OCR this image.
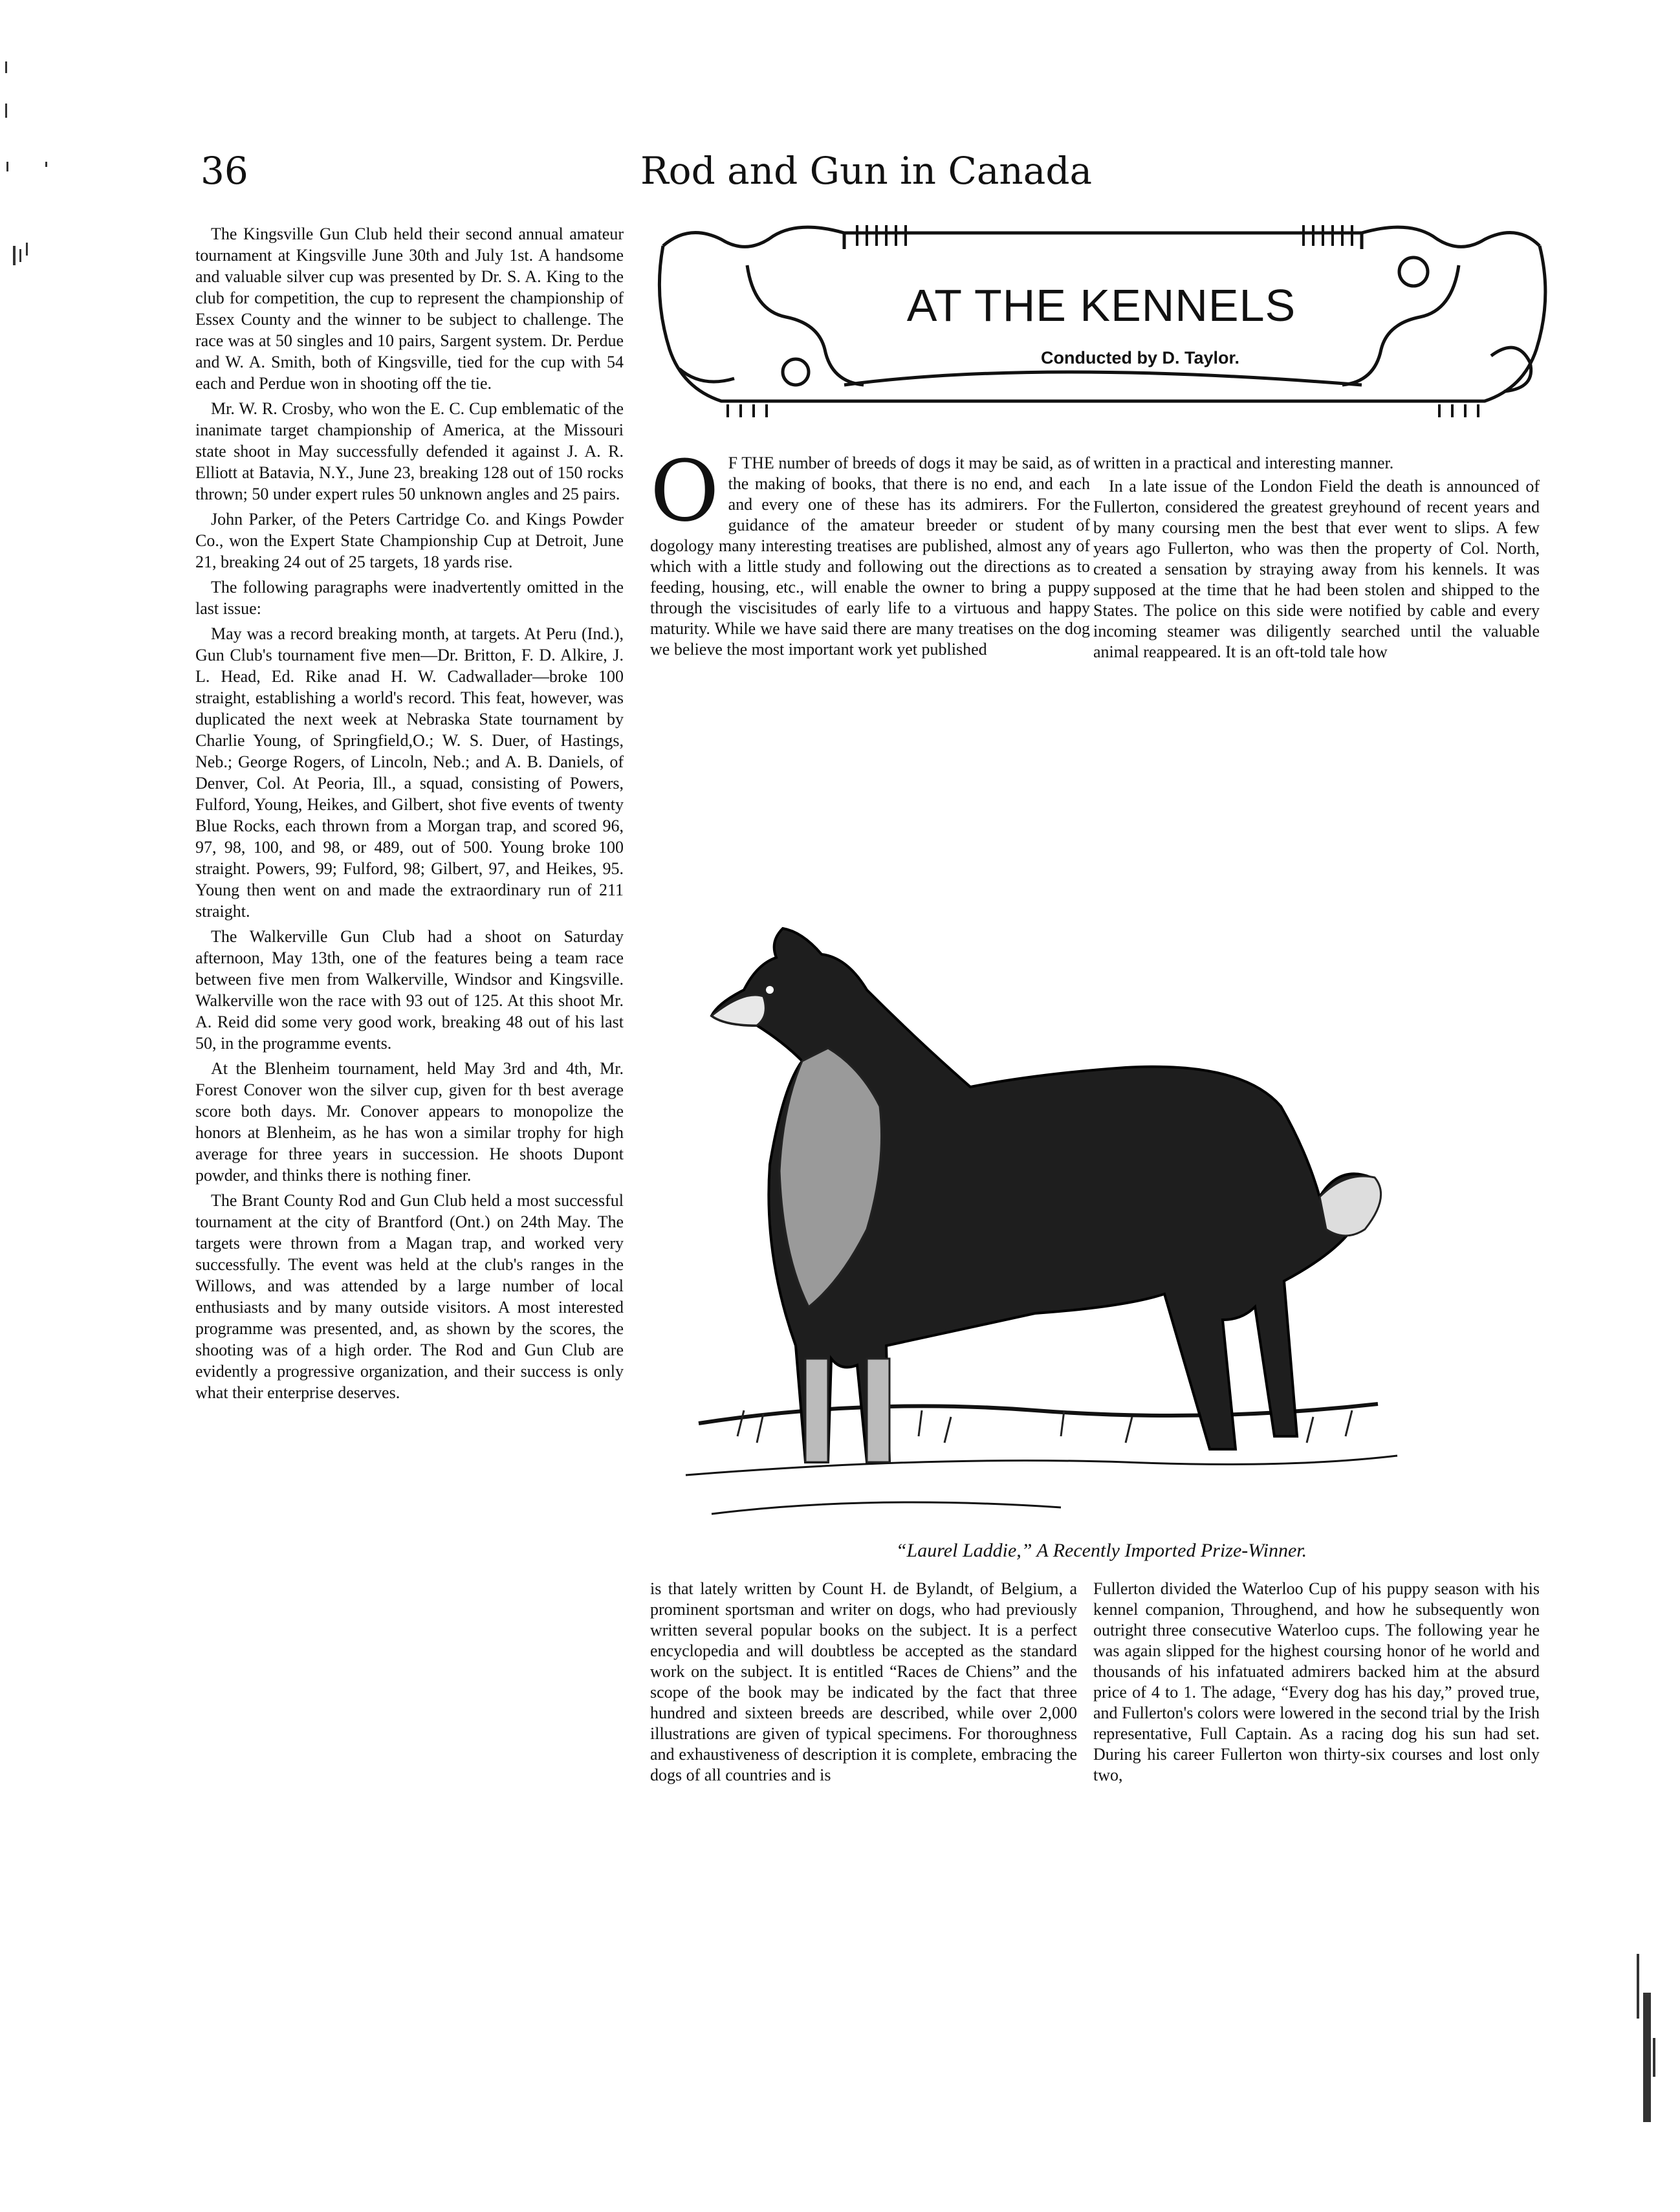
36	Rod and Gun in Canada

The Kingsville Gun Club held their second annual amateur tournament at Kingsville June 30th and July 1st. A handsome and valuable silver cup was presented by Dr. S. A. King to the club for competition, the cup to represent the championship of Essex County and the winner to be subject to challenge. The race was at 50 singles and 10 pairs, Sargent system. Dr. Perdue and W. A. Smith, both of Kingsville, tied for the cup with 54 each and Perdue won in shooting off the tie.

Mr. W. R. Crosby, who won the E. C. Cup emblematic of the inanimate target championship of America, at the Missouri state shoot in May successfully defended it against J. A. R. Elliott at Batavia, N.Y., June 23, breaking 128 out of 150 rocks thrown; 50 under expert rules 50 unknown angles and 25 pairs.

John Parker, of the Peters Cartridge Co. and Kings Powder Co., won the Expert State Championship Cup at Detroit, June 21, breaking 24 out of 25 targets, 18 yards rise.

The following paragraphs were inadvertently omitted in the last issue:

May was a record breaking month, at targets. At Peru (Ind.), Gun Club's tournament five men—Dr. Britton, F. D. Alkire, J. L. Head, Ed. Rike anad H. W. Cadwallader—broke 100 straight, establishing a world's record. This feat, however, was duplicated the next week at Nebraska State tournament by Charlie Young, of Springfield,O.; W. S. Duer, of Hastings, Neb.; George Rogers, of Lincoln, Neb.; and A. B. Daniels, of Denver, Col. At Peoria, Ill., a squad, consisting of Powers, Fulford, Young, Heikes, and Gilbert, shot five events of twenty Blue Rocks, each thrown from a Morgan trap, and scored 96, 97, 98, 100, and 98, or 489, out of 500. Young broke 100 straight. Powers, 99; Fulford, 98; Gilbert, 97, and Heikes, 95. Young then went on and made the extraordinary run of 211 straight.

The Walkerville Gun Club had a shoot on Saturday afternoon, May 13th, one of the features being a team race between five men from Walkerville, Windsor and Kingsville. Walkerville won the race with 93 out of 125. At this shoot Mr. A. Reid did some very good work, breaking 48 out of his last 50, in the programme events.

At the Blenheim tournament, held May 3rd and 4th, Mr. Forest Conover won the silver cup, given for th best average score both days. Mr. Conover appears to monopolize the honors at Blenheim, as he has won a similar trophy for high average for three years in succession. He shoots Dupont powder, and thinks there is nothing finer.

The Brant County Rod and Gun Club held a most successful tournament at the city of Brantford (Ont.) on 24th May. The targets were thrown from a Magan trap, and worked very successfully. The event was held at the club's ranges in the Willows, and was attended by a large number of local enthusiasts and by many outside visitors. A most interested programme was presented, and, as shown by the scores, the shooting was of a high order. The Rod and Gun Club are evidently a progressive organization, and their success is only what their enterprise deserves.

AT THE KENNELS
Conducted by D. Taylor.
O F THE number of breeds of dogs it may be said, as of the making of books, that there is no end, and each and every one of these has its admirers. For the guidance of the amateur breeder or student of dogology many interesting treatises are published, almost any of which with a little study and following out the directions as to feeding, housing, etc., will enable the owner to bring a puppy through the viscisitudes of early life to a virtuous and happy maturity. While we have said there are many treatises on the dog we believe the most important work yet published

written in a practical and interesting manner.

In a late issue of the London Field the death is announced of Fullerton, considered the greatest greyhound of recent years and by many coursing men the best that ever went to slips. A few years ago Fullerton, who was then the property of Col. North, created a sensation by straying away from his kennels. It was supposed at the time that he had been stolen and shipped to the States. The police on this side were notified by cable and every incoming steamer was diligently searched until the valuable animal reappeared. It is an oft-told tale how

“Laurel Laddie,” A Recently Imported Prize-Winner.
is that lately written by Count H. de Bylandt, of Belgium, a prominent sportsman and writer on dogs, who had previously written several popular books on the subject. It is a perfect encyclopedia and will doubtless be accepted as the standard work on the subject. It is entitled “Races de Chiens” and the scope of the book may be indicated by the fact that three hundred and sixteen breeds are described, while over 2,000 illustrations are given of typical specimens. For thoroughness and exhaustiveness of description it is complete, embracing the dogs of all countries and is
Fullerton divided the Waterloo Cup of his puppy season with his kennel companion, Throughend, and how he subsequently won outright three consecutive Waterloo cups. The following year he was again slipped for the highest coursing honor of he world and thousands of his infatuated admirers backed him at the absurd price of 4 to 1. The adage, “Every dog has his day,” proved true, and Fullerton's colors were lowered in the second trial by the Irish representative, Full Captain. As a racing dog his sun had set. During his career Fullerton won thirty-six courses and lost only two,
